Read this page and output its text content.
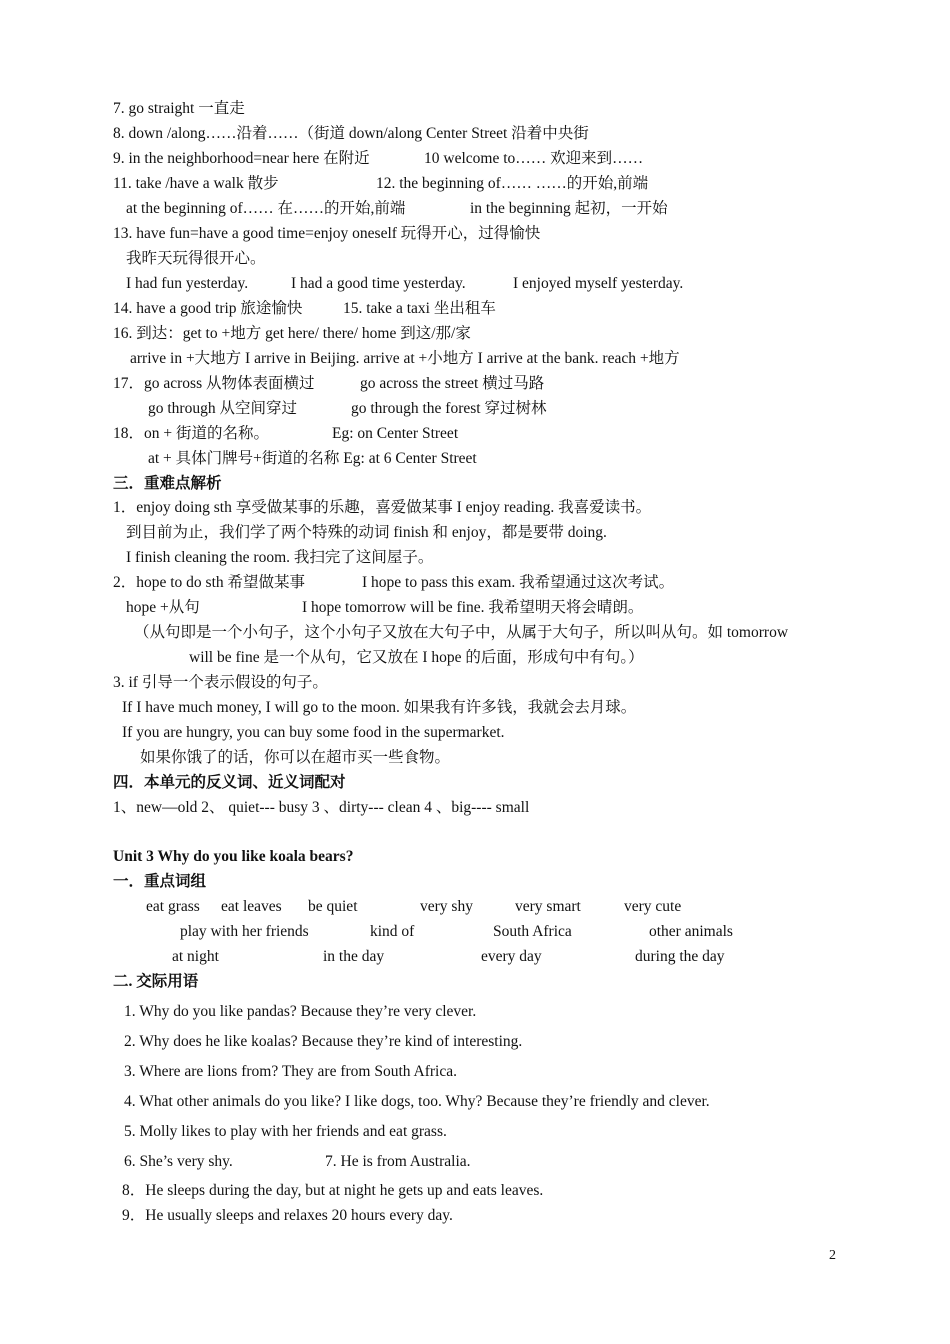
7. go straight 一直走
8. down /along……沿着……（街道 down/along Center Street 沿着中央街
9. in the neighborhood=near here 在附近	10 welcome to…… 欢迎来到……
11. take /have a walk 散步	12. the beginning of…… ……的开始,前端
at the beginning of…… 在……的开始,前端	in the beginning 起初，一开始
13. have fun=have a good time=enjoy oneself 玩得开心，过得愉快
我昨天玩得很开心。
I had fun yesterday.	I had a good time yesterday.	I enjoyed myself yesterday.
14. have a good trip 旅途愉快	15. take a taxi 坐出租车
16. 到达：get to +地方 get here/ there/ home 到这/那/家
arrive in +大地方 I arrive in Beijing. arrive at +小地方 I arrive at the bank. reach +地方
17．go across 从物体表面横过	go across the street 横过马路
go through 从空间穿过	go through the forest 穿过树林
18．on + 街道的名称。	Eg: on Center Street
at + 具体门牌号+街道的名称 Eg: at 6 Center Street
三．重难点解析
1．enjoy doing sth 享受做某事的乐趣，喜爱做某事 I enjoy reading. 我喜爱读书。
到目前为止，我们学了两个特殊的动词 finish 和 enjoy，都是要带 doing.
I finish cleaning the room. 我扫完了这间屋子。
2．hope to do sth 希望做某事	I hope to pass this exam. 我希望通过这次考试。
hope +从句	I hope tomorrow will be fine. 我希望明天将会晴朗。
（从句即是一个小句子，这个小句子又放在大句子中，从属于大句子，所以叫从句。如 tomorrow
will be fine 是一个从句，它又放在 I hope 的后面，形成句中有句。）
3. if 引导一个表示假设的句子。
If I have much money, I will go to the moon. 如果我有许多钱，我就会去月球。
If you are hungry, you can buy some food in the supermarket.
如果你饿了的话，你可以在超市买一些食物。
四．本单元的反义词、近义词配对
1、new—old 2、 quiet--- busy 3 、dirty--- clean 4 、big---- small
Unit 3 Why do you like koala bears?
一．重点词组
eat grass eat leaves be quiet	very shy	very smart	very cute
play with her friends	kind of	South Africa	other animals
at night	in the day	every day	during the day
二. 交际用语
1. Why do you like pandas? Because they’re very clever.
2. Why does he like koalas? Because they’re kind of interesting.
3. Where are lions from? They are from South Africa.
4. What other animals do you like? I like dogs, too. Why? Because they’re friendly and clever.
5. Molly likes to play with her friends and eat grass.
6. She’s very shy.	7. He is from Australia.
8．He sleeps during the day, but at night he gets up and eats leaves.
9．He usually sleeps and relaxes 20 hours every day.
2
